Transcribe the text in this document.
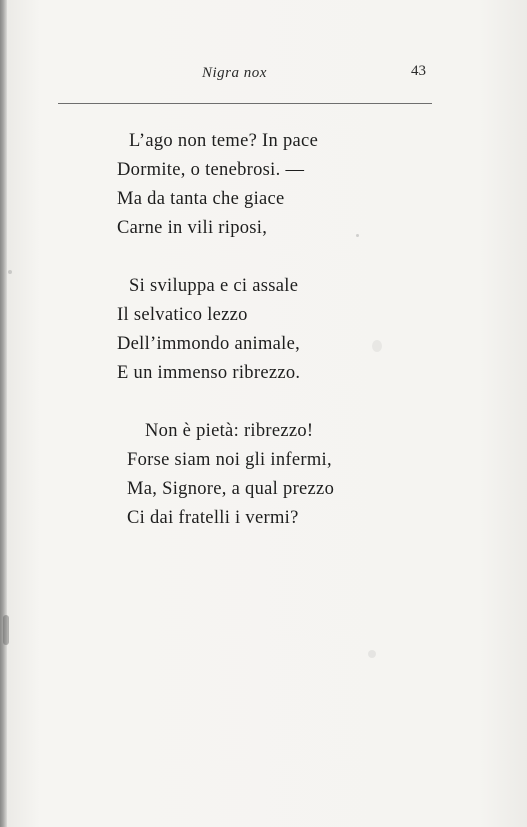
Nigra nox	43
L’ago non teme? In pace
Dormite, o tenebrosi. —
Ma da tanta che giace
Carne in vili riposi,
Si sviluppa e ci assale
Il selvatico lezzo
Dell’immondo animale,
E un immenso ribrezzo.
Non è pietà: ribrezzo!
Forse siam noi gli infermi,
Ma, Signore, a qual prezzo
Ci dai fratelli i vermi?
